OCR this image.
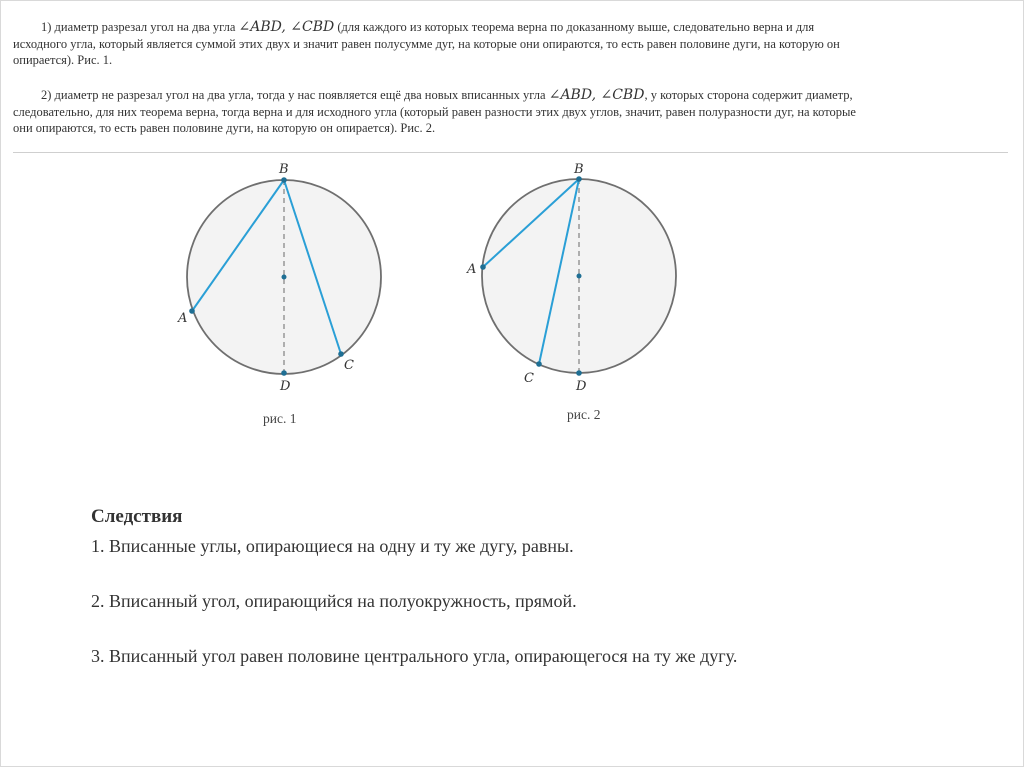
1) диаметр разрезал угол на два угла ∠ABD, ∠CBD (для каждого из которых теорема верна по доказанному выше, следовательно верна и для исходного угла, который является суммой этих двух и значит равен полусумме дуг, на которые они опираются, то есть равен половине дуги, на которую он опирается). Рис. 1.

2) диаметр не разрезал угол на два угла, тогда у нас появляется ещё два новых вписанных угла ∠ABD, ∠CBD, у которых сторона содержит диаметр, следовательно, для них теорема верна, тогда верна и для исходного угла (который равен разности этих двух углов, значит, равен полуразности дуг, на которые они опираются, то есть равен половине дуги, на которую он опирается). Рис. 2.

B
A
C
D
рис. 1
B
A
C
D
рис. 2

Следствия

1. Вписанные углы, опирающиеся на одну и ту же дугу, равны.

2. Вписанный угол, опирающийся на полуокружность, прямой.

3. Вписанный угол равен половине центрального угла, опирающегося на ту же дугу.
